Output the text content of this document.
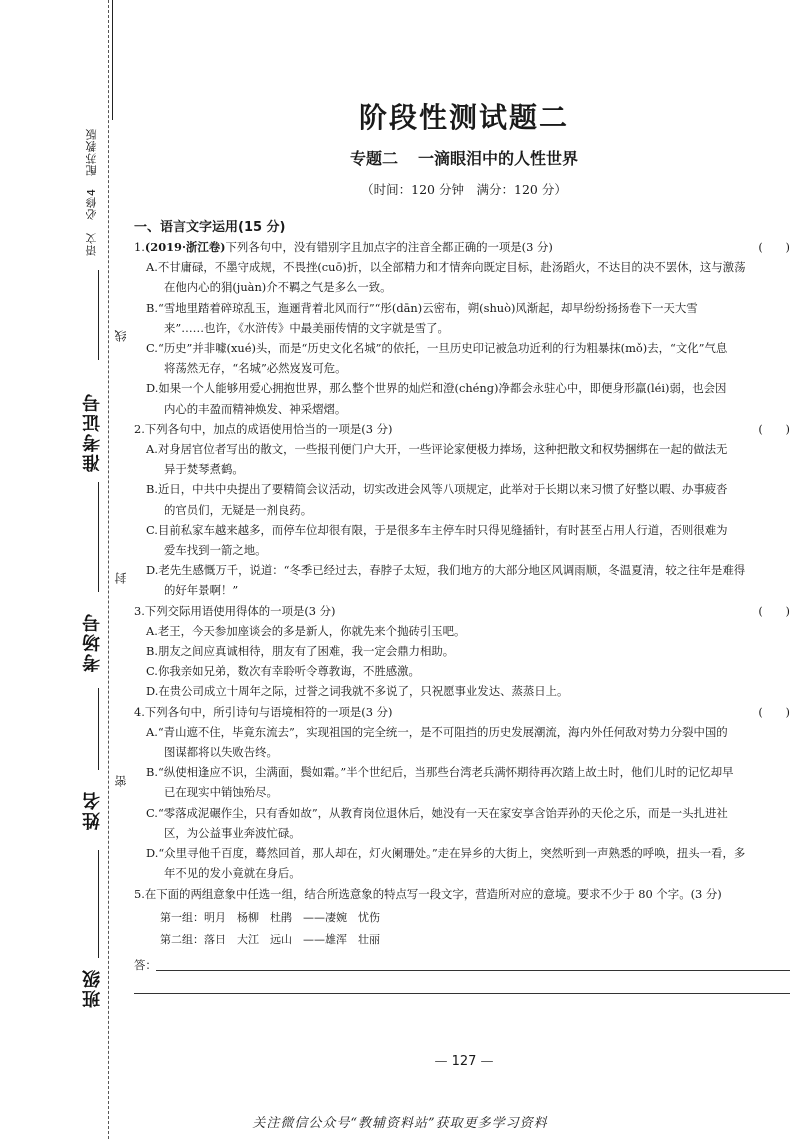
语文　必修4　配苏教版
准考证号
考场号
姓名
班级
线
封
密
阶段性测试题二
专题二 一滴眼泪中的人性世界
（时间：120 分钟　满分：120 分）
一、语言文字运用(15 分)
1.(2019·浙江卷)下列各句中，没有错别字且加点字的注音全都正确的一项是(3 分)	(　　)
A.不甘庸碌，不墨守成规，不畏挫(cuō)折，以全部精力和才情奔向既定目标，赴汤蹈火，不达目的决不罢休，这与激荡
在他内心的狷(juàn)介不羁之气是多么一致。
B.“雪地里踏着碎琼乱玉，迤逦背着北风而行”“彤(dān)云密布，朔(shuò)风渐起，却早纷纷扬扬卷下一天大雪
来”……也许，《水浒传》中最美丽传情的文字就是雪了。
C.“历史”并非噱(xué)头，而是“历史文化名城”的依托，一旦历史印记被急功近利的行为粗暴抹(mǒ)去，“文化”气息
将荡然无存，“名城”必然岌岌可危。
D.如果一个人能够用爱心拥抱世界，那么整个世界的灿烂和澄(chéng)净都会永驻心中，即便身形羸(léi)弱，也会因
内心的丰盈而精神焕发、神采熠熠。
2.下列各句中，加点的成语使用恰当的一项是(3 分)	(　　)
A.对身居官位者写出的散文，一些报刊便门户大开，一些评论家便极力捧场，这种把散文和权势捆绑在一起的做法无
异于焚琴煮鹤。
B.近日，中共中央提出了要精简会议活动，切实改进会风等八项规定，此举对于长期以来习惯了好整以暇、办事疲沓
的官员们，无疑是一剂良药。
C.目前私家车越来越多，而停车位却很有限，于是很多车主停车时只得见缝插针，有时甚至占用人行道，否则很难为
爱车找到一箭之地。
D.老先生感慨万千，说道：“冬季已经过去，春脖子太短，我们地方的大部分地区风调雨顺，冬温夏清，较之往年是难得
的好年景啊！”
3.下列交际用语使用得体的一项是(3 分)	(　　)
A.老王，今天参加座谈会的多是新人，你就先来个抛砖引玉吧。
B.朋友之间应真诚相待，朋友有了困难，我一定会鼎力相助。
C.你我亲如兄弟，数次有幸聆听令尊教诲，不胜感激。
D.在贵公司成立十周年之际，过誉之词我就不多说了，只祝愿事业发达、蒸蒸日上。
4.下列各句中，所引诗句与语境相符的一项是(3 分)	(　　)
A.“青山遮不住，毕竟东流去”，实现祖国的完全统一，是不可阻挡的历史发展潮流，海内外任何敌对势力分裂中国的
图谋都将以失败告终。
B.“纵使相逢应不识，尘满面，鬓如霜。”半个世纪后，当那些台湾老兵满怀期待再次踏上故土时，他们儿时的记忆却早
已在现实中销蚀殆尽。
C.“零落成泥碾作尘，只有香如故”，从教育岗位退休后，她没有一天在家安享含饴弄孙的天伦之乐，而是一头扎进社
区，为公益事业奔波忙碌。
D.“众里寻他千百度，蓦然回首，那人却在，灯火阑珊处。”走在异乡的大街上，突然听到一声熟悉的呼唤，扭头一看，多
年不见的发小竟就在身后。
5.在下面的两组意象中任选一组，结合所选意象的特点写一段文字，营造所对应的意境。要求不少于 80 个字。(3 分)
第一组：明月　杨柳　杜鹃　——凄婉　忧伤
第二组：落日　大江　远山　——雄浑　壮丽
答：
— 127 —
关注微信公众号“教辅资料站”获取更多学习资料
